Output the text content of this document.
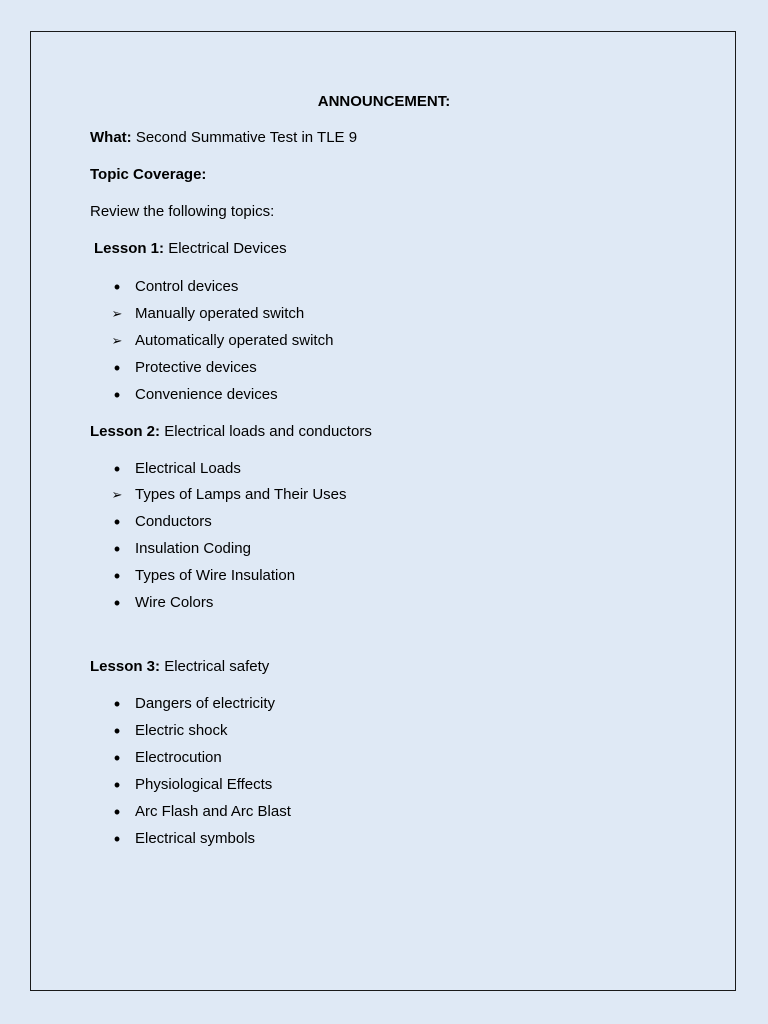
ANNOUNCEMENT:
What: Second Summative Test in TLE 9
Topic Coverage:
Review the following topics:
Lesson 1: Electrical Devices
• Control devices
➢ Manually operated switch
➢ Automatically operated switch
• Protective devices
• Convenience devices
Lesson 2: Electrical loads and conductors
• Electrical Loads
➢ Types of Lamps and Their Uses
• Conductors
• Insulation Coding
• Types of Wire Insulation
• Wire Colors
Lesson 3: Electrical safety
• Dangers of electricity
• Electric shock
• Electrocution
• Physiological Effects
• Arc Flash and Arc Blast
• Electrical symbols
